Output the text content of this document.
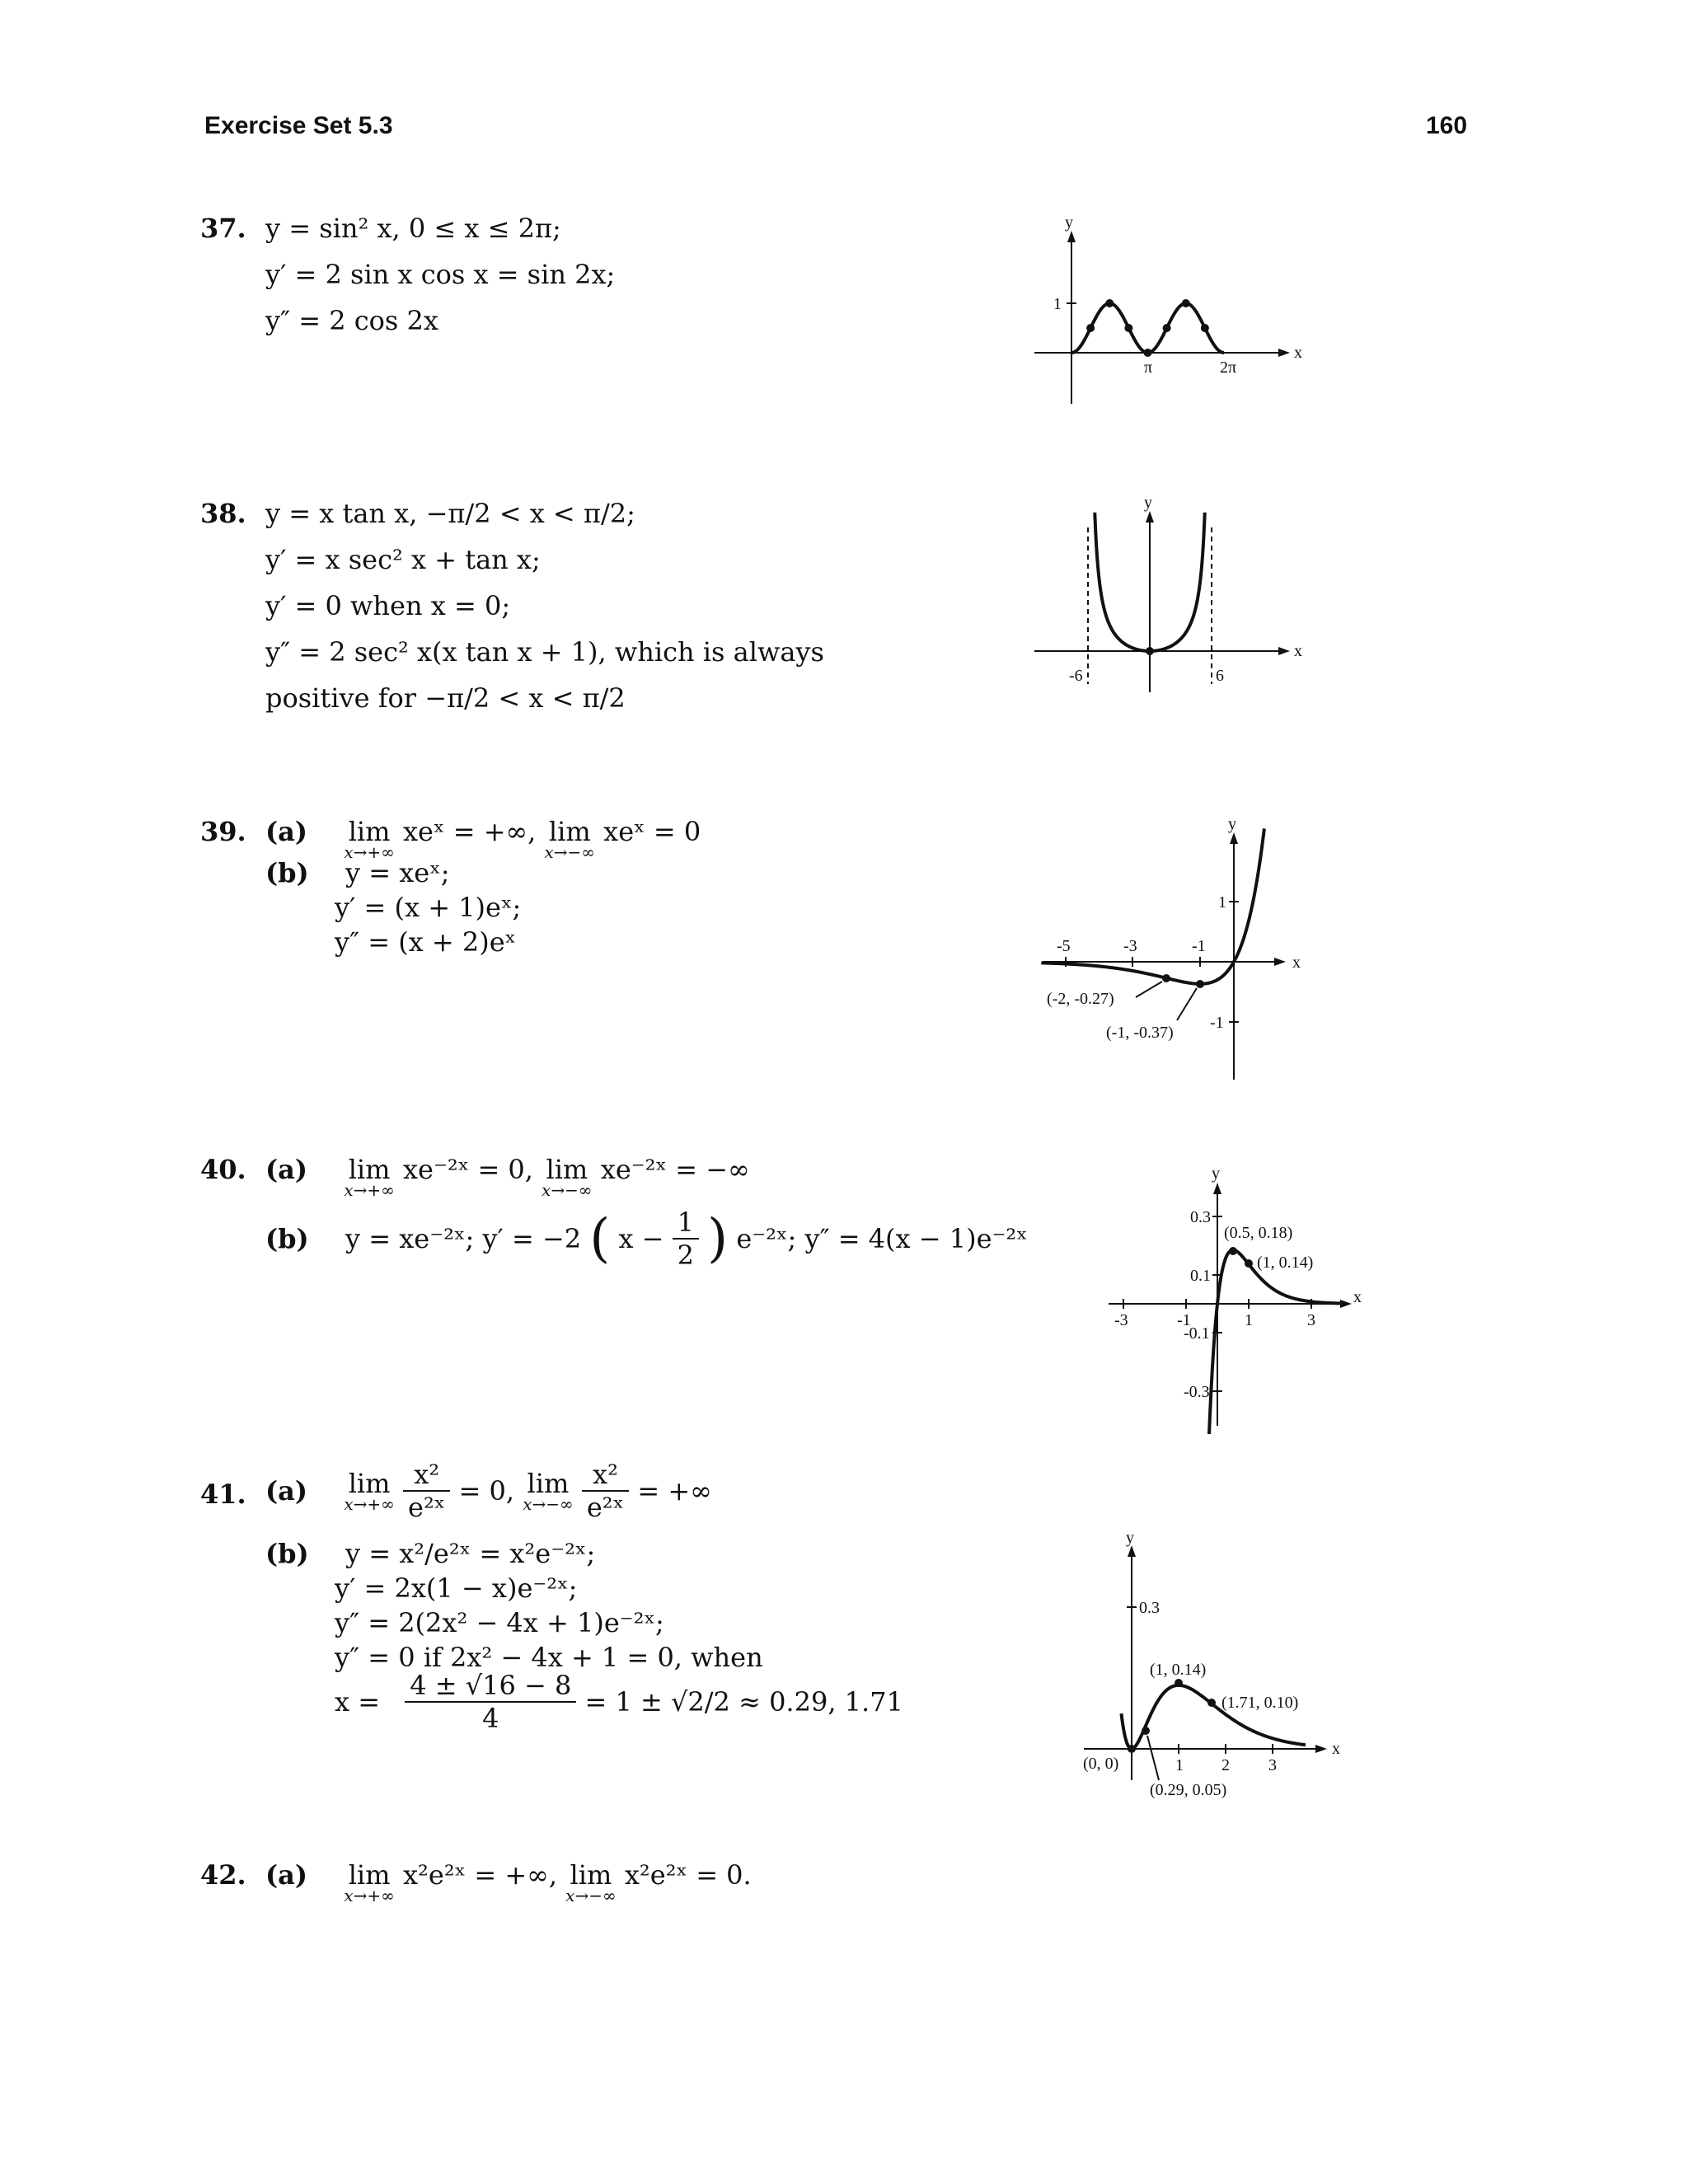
Exercise Set 5.3	160
37. y = sin² x, 0 ≤ x ≤ 2π;
y′ = 2 sin x cos x = sin 2x;
y″ = 2 cos 2x
y
x
1
π	2π
38. y = x tan x, −π/2 < x < π/2;
y′ = x sec² x + tan x;
y′ = 0 when x = 0;
y″ = 2 sec² x(x tan x + 1), which is always
positive for −π/2 < x < π/2
y
x
-6	6
39. (a) lim
x→+∞
xeˣ = +∞, lim
x→−∞
xeˣ = 0
(b) y = xeˣ;
y′ = (x + 1)eˣ;
y″ = (x + 2)eˣ
y
x
-5	-3	-1
1
-1
(-2, -0.27)
(-1, -0.37)
40. (a) lim
x→+∞
xe⁻²ˣ = 0, lim
x→−∞
xe⁻²ˣ = −∞
(b) y = xe⁻²ˣ; y′ = −2 ( $x - \frac{1}{2}$ ) e⁻²ˣ; y″ = 4(x − 1)e⁻²ˣ
y
x
-3	-1	1	3
0.3
0.1
-0.1
-0.3
(0.5, 0.18)
(1, 0.14)
41. (a) lim
x→+∞
$\frac{\text{x²}}{\text{e²ˣ}} = 0$, lim
x→−∞
$\frac{\text{x²}}{\text{e²ˣ}}$ = +∞
(b) y = x²/e²ˣ = x²e⁻²ˣ;
y′ = 2x(1 − x)e⁻²ˣ;
y″ = 2(2x² − 4x + 1)e⁻²ˣ;
y″ = 0 if 2x² − 4x + 1 = 0, when
$x = \frac{4 \pm √16 - 8}{4} = 1 \pm √2/2 \approx 0.29$, 1.71
y
x
1 2 3
0.3
(0, 0)
(1, 0.14)
(1.71, 0.10)
(0.29, 0.05)
42. (a) lim
x→+∞
x²e²ˣ = +∞, lim
x→−∞
x²e²ˣ = 0.
